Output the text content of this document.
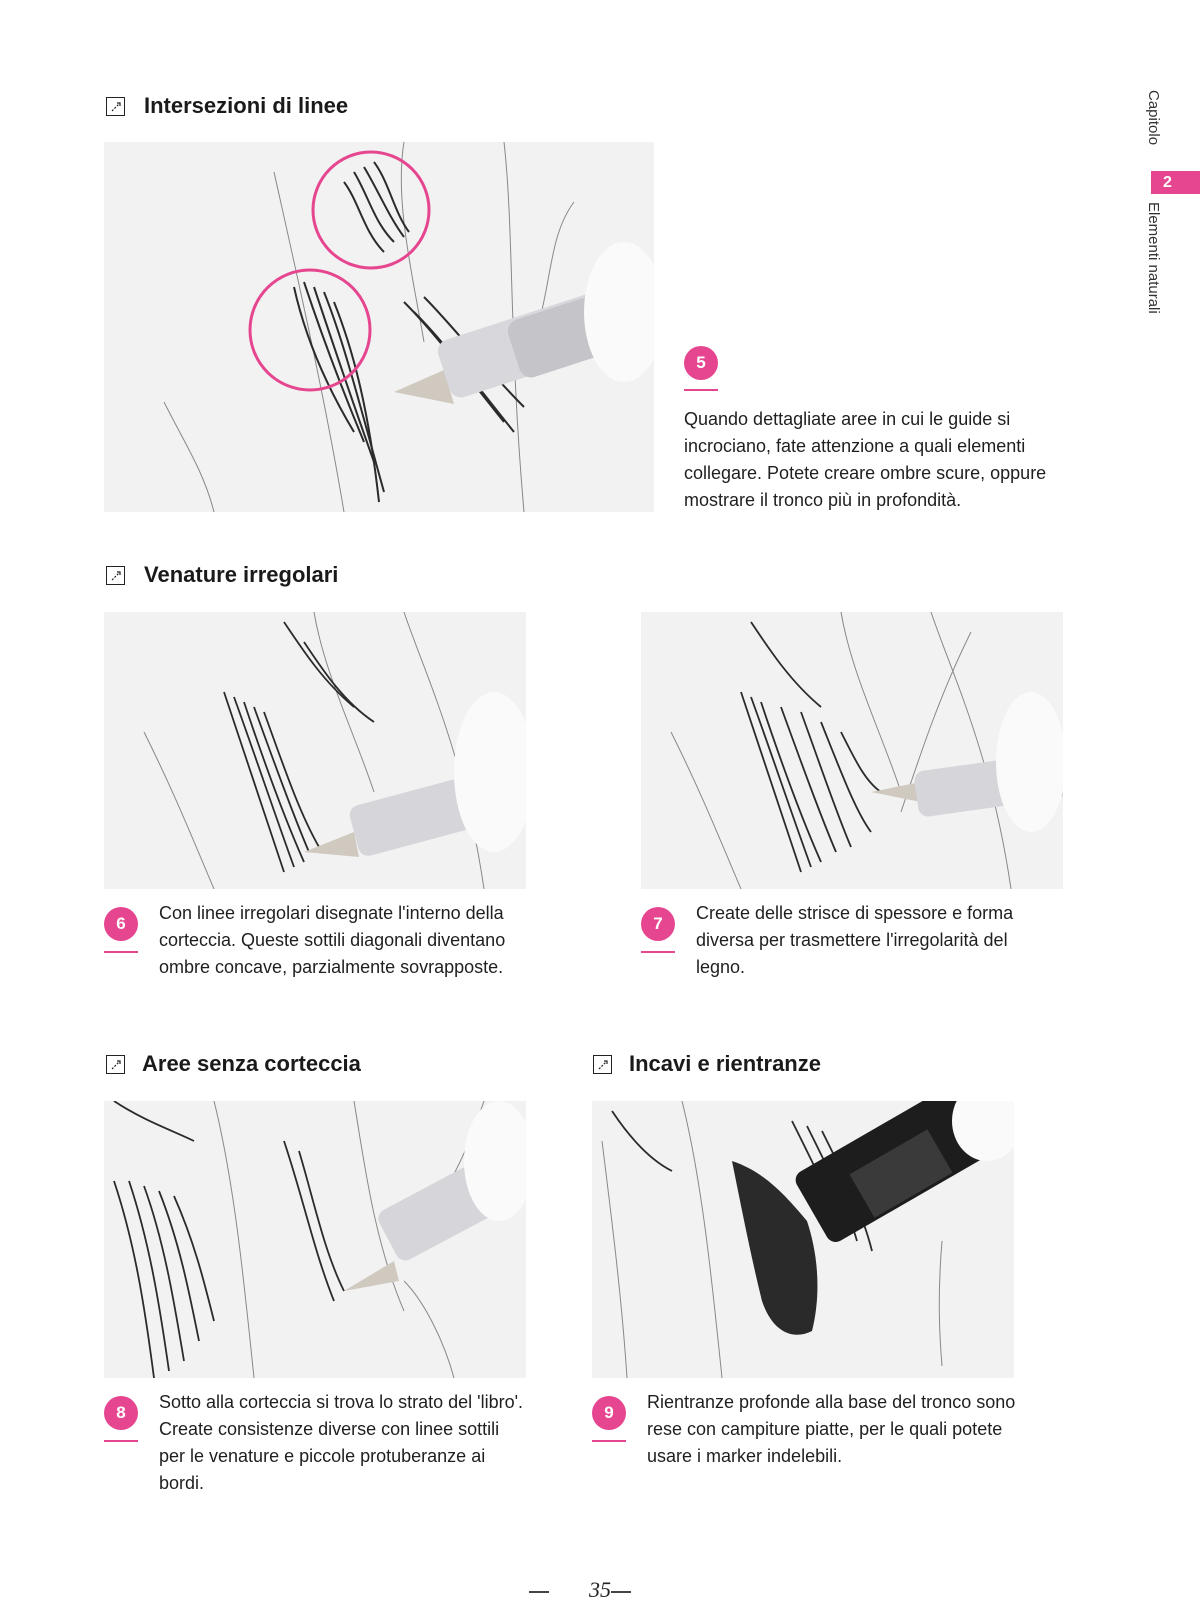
Capitolo
2
Elementi naturali
Intersezioni di linee
5
Quando dettagliate aree in cui le guide si incrociano, fate attenzione a quali elementi collegare. Potete creare ombre scure, oppure mostrare il tronco più in profondità.
Venature irregolari
6
Con linee irregolari disegnate l'interno della corteccia. Queste sottili diagonali diventano ombre concave, parzialmente sovrapposte.
7
Create delle strisce di spessore e forma diversa per trasmettere l'irregolarità del legno.
Aree senza corteccia
8
Sotto alla corteccia si trova lo strato del 'libro'. Create consistenze diverse con linee sottili per le venature e piccole protuberanze ai bordi.
Incavi e rientranze
9
Rientranze profonde alla base del tronco sono rese con campiture piatte, per le quali potete usare i marker indelebili.
35
